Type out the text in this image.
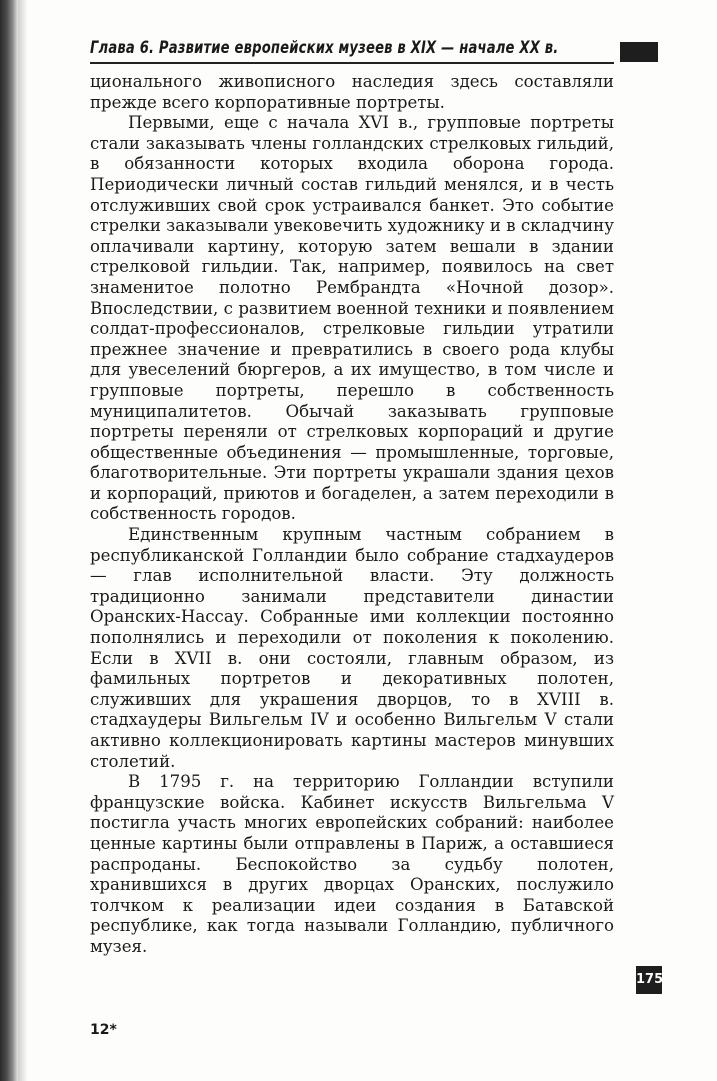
Глава 6. Развитие европейских музеев в XIX — начале XX в.

ционального живописного наследия здесь составляли прежде всего корпоративные портреты.

Первыми, еще с начала XVI в., групповые портреты стали заказывать члены голландских стрелковых гильдий, в обязанности которых входила оборона города. Периодически личный состав гильдий менялся, и в честь отслуживших свой срок устраивался банкет. Это событие стрелки заказывали увековечить художнику и в складчину оплачивали картину, которую затем вешали в здании стрелковой гильдии. Так, например, появилось на свет знаменитое полотно Рембрандта «Ночной дозор». Впоследствии, с развитием военной техники и появлением солдат-профессионалов, стрелковые гильдии утратили прежнее значение и превратились в своего рода клубы для увеселений бюргеров, а их имущество, в том числе и групповые портреты, перешло в собственность муниципалитетов. Обычай заказывать групповые портреты переняли от стрелковых корпораций и другие общественные объединения — промышленные, торговые, благотворительные. Эти портреты украшали здания цехов и корпораций, приютов и богаделен, а затем переходили в собственность городов.

Единственным крупным частным собранием в республиканской Голландии было собрание стадхаудеров — глав исполнительной власти. Эту должность традиционно занимали представители династии Оранских-Нассау. Собранные ими коллекции постоянно пополнялись и переходили от поколения к поколению. Если в XVII в. они состояли, главным образом, из фамильных портретов и декоративных полотен, служивших для украшения дворцов, то в XVIII в. стадхаудеры Вильгельм IV и особенно Вильгельм V стали активно коллекционировать картины мастеров минувших столетий.

В 1795 г. на территорию Голландии вступили французские войска. Кабинет искусств Вильгельма V постигла участь многих европейских собраний: наиболее ценные картины были отправлены в Париж, а оставшиеся распроданы. Беспокойство за судьбу полотен, хранившихся в других дворцах Оранских, послужило толчком к реализации идеи создания в Батавской республике, как тогда называли Голландию, публичного музея.

175
12*
